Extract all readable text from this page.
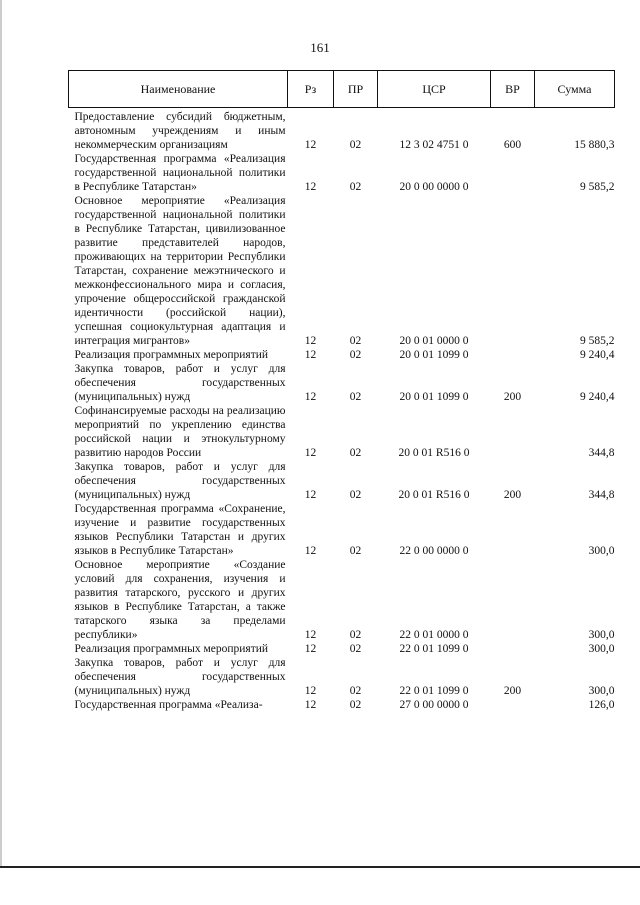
161
Наименование	Рз	ПР	ЦСР	ВР	Сумма
Предоставление субсидий бюджетным, автономным учреждениям и иным некоммерческим организациям	12	02	12 3 02 4751 0	600	15 880,3
Государственная программа «Реализация государственной национальной политики в Республике Татарстан»	12	02	20 0 00 0000 0		9 585,2
Основное мероприятие «Реализация государственной национальной политики в Республике Татарстан, цивилизованное развитие представителей народов, проживающих на территории Республики Татарстан, сохранение межэтнического и межконфессионального мира и согласия, упрочение общероссийской гражданской идентичности (российской нации), успешная социокультурная адаптация и интеграция мигрантов»	12	02	20 0 01 0000 0		9 585,2
Реализация программных мероприятий	12	02	20 0 01 1099 0		9 240,4
Закупка товаров, работ и услуг для обеспечения государственных (муниципальных) нужд	12	02	20 0 01 1099 0	200	9 240,4
Софинансируемые расходы на реализацию мероприятий по укреплению единства российской нации и этнокультурному развитию народов России	12	02	20 0 01 R516 0		344,8
Закупка товаров, работ и услуг для обеспечения государственных (муниципальных) нужд	12	02	20 0 01 R516 0	200	344,8
Государственная программа «Сохранение, изучение и развитие государственных языков Республики Татарстан и других языков в Республике Татарстан»	12	02	22 0 00 0000 0		300,0
Основное мероприятие «Создание условий для сохранения, изучения и развития татарского, русского и других языков в Республике Татарстан, а также татарского языка за пределами республики»	12	02	22 0 01 0000 0		300,0
Реализация программных мероприятий	12	02	22 0 01 1099 0		300,0
Закупка товаров, работ и услуг для обеспечения государственных (муниципальных) нужд	12	02	22 0 01 1099 0	200	300,0
Государственная программа «Реализа-	12	02	27 0 00 0000 0		126,0
